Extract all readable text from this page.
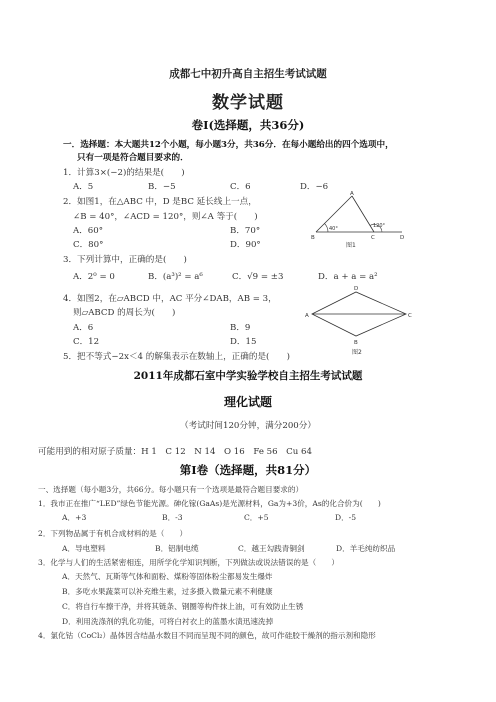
成都七中初升高自主招生考试试题
数学试题
卷Ⅰ(选择题，共36分)
一．选择题：本大题共12个小题，每小题3分，共36分．在每小题给出的四个选项中，
只有一项是符合题目要求的．
1．计算3×(−2)的结果是(　　)
A．5	B．−5	C．6	D．−6
2．如图1，在△ABC 中，D 是BC 延长线上一点，
∠B = 40°，∠ACD = 120°，则∠A 等于(　　)
A．60°	B．70°
C．80°	D．90°
A
B	C	D
40°	120°
图1
3．下列计算中，正确的是(　　)
A．2⁰ = 0	B．(a³)² = a⁶	C．√9 = ±3	D．a + a = a²
4．如图2，在▱ABCD 中，AC 平分∠DAB，AB = 3，
则▱ABCD 的周长为(　　)
A．6	B．9
C．12	D．15
A
B
C
D
图2
5．把不等式−2x＜4 的解集表示在数轴上，正确的是(　　)
2011年成都石室中学实验学校自主招生考试试题
理化试题
（考试时间120分钟，满分200分）
可能用到的相对原子质量：H 1　C 12　N 14　O 16　Fe 56　Cu 64
第Ⅰ卷（选择题，共81分）
一、选择题（每小题3分，共66分。每小题只有一个选项是最符合题目要求的）
1．我市正在推广“LED”绿色节能光源。砷化镓(GaAs)是光源材料，Ga为+3价，As的化合价为(　　)
A．+3	B．-3	C．+5	D．-5
2．下列物品属于有机合成材料的是（　　）
A．导电塑料	B．铝制电缆	C．越王勾践青铜剑	D．羊毛纯纺织品
3．化学与人们的生活紧密相连，用所学化学知识判断，下列做法或说法错误的是（　　）
A．天然气、瓦斯等气体和面粉、煤粉等固体粉尘都易发生爆炸
B．多吃水果蔬菜可以补充维生素，过多摄入微量元素不利健康
C．将自行车擦干净，并将其链条、钢圈等构件抹上油，可有效防止生锈
D．利用洗涤剂的乳化功能，可将白衬衣上的蓝墨水渍迅速洗掉
4．氯化钴（CoCl₂）晶体因含结晶水数目不同而呈现不同的颜色，故可作硅胶干燥剂的指示剂和隐形
